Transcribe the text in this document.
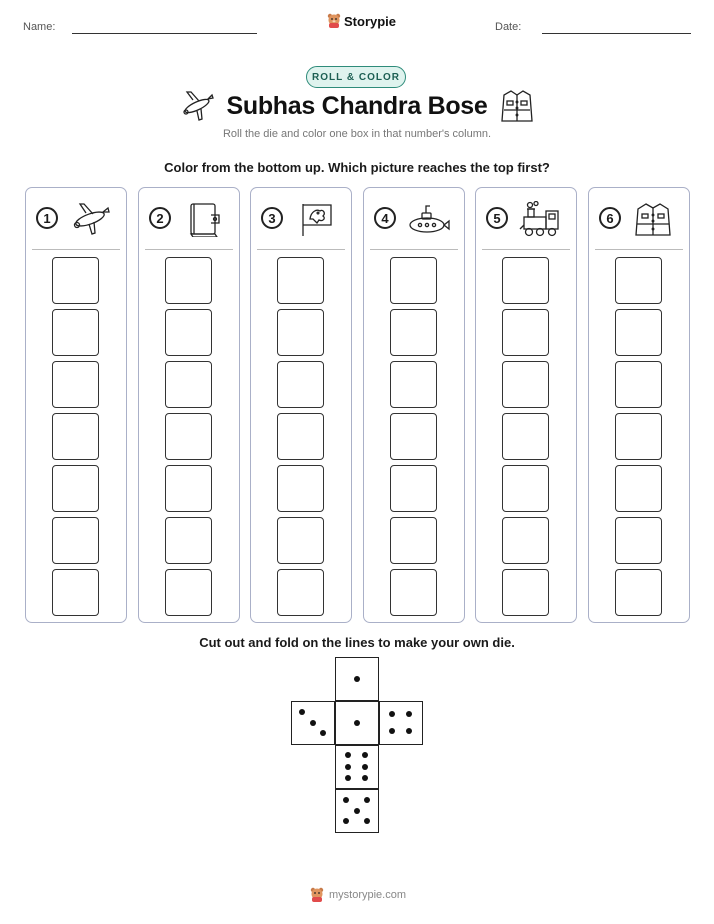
Name:	Storypie	Date:
ROLL & COLOR
Subhas Chandra Bose
Roll the die and color one box in that number's column.
Color from the bottom up. Which picture reaches the top first?
1	2	3	4	5	6
Cut out and fold on the lines to make your own die.
mystorypie.com
